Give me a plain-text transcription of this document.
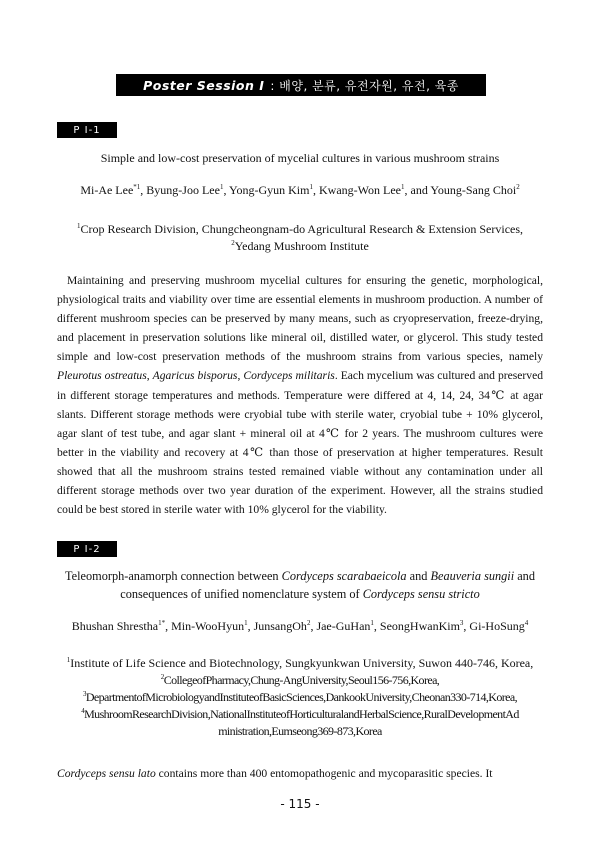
Poster Session Ⅰ : 배양, 분류, 유전자원, 유전, 육종
P Ⅰ-1
Simple and low-cost preservation of mycelial cultures in various mushroom strains
Mi-Ae Lee$^{*1}$, Byung-Joo Lee$^1$, Yong-Gyun Kim$^1$, Kwang-Won Lee$^1$, and Young-Sang Choi$^2$
$^1$Crop Research Division, Chungcheongnam-do Agricultural Research & Extension Services,
$^2$Yedang Mushroom Institute
Maintaining and preserving mushroom mycelial cultures for ensuring the genetic, morphological, physiological traits and viability over time are essential elements in mushroom production. A number of different mushroom species can be preserved by many means, such as cryopreservation, freeze-drying, and placement in preservation solutions like mineral oil, distilled water, or glycerol. This study tested simple and low-cost preservation methods of the mushroom strains from various species, namely Pleurotus ostreatus, Agaricus bisporus, Cordyceps militaris. Each mycelium was cultured and preserved in different storage temperatures and methods. Temperature were differed at 4, 14, 24, 34℃ at agar slants. Different storage methods were cryobial tube with sterile water, cryobial tube + 10% glycerol, agar slant of test tube, and agar slant + mineral oil at 4℃ for 2 years. The mushroom cultures were better in the viability and recovery at 4℃ than those of preservation at higher temperatures. Result showed that all the mushroom strains tested remained viable without any contamination under all different storage methods over two year duration of the experiment. However, all the strains studied could be best stored in sterile water with 10% glycerol for the viability.
P Ⅰ-2
Teleomorph-anamorph connection between Cordyceps scarabaeicola and Beauveria sungii and consequences of unified nomenclature system of Cordyceps sensu stricto
Bhushan Shrestha$^{1*}$, Min-WooHyun$^1$, JunsangOh$^2$, Jae-GuHan$^1$, SeongHwanKim$^3$, Gi-HoSung$^4$
$^1$Institute of Life Science and Biotechnology, Sungkyunkwan University, Suwon 440-746, Korea,
$^2$CollegeofPharmacy,Chung-AngUniversity,Seoul156-756,Korea,
$^3$DepartmentofMicrobiologyandInstituteofBasicSciences,DankookUniversity,Cheonan330-714,Korea,
$^4$MushroomResearchDivision,NationalInstituteofHorticulturalandHerbalScience,RuralDevelopmentAd
ministration,Eumseong369-873,Korea
Cordyceps sensu lato contains more than 400 entomopathogenic and mycoparasitic species. It
- 115 -
